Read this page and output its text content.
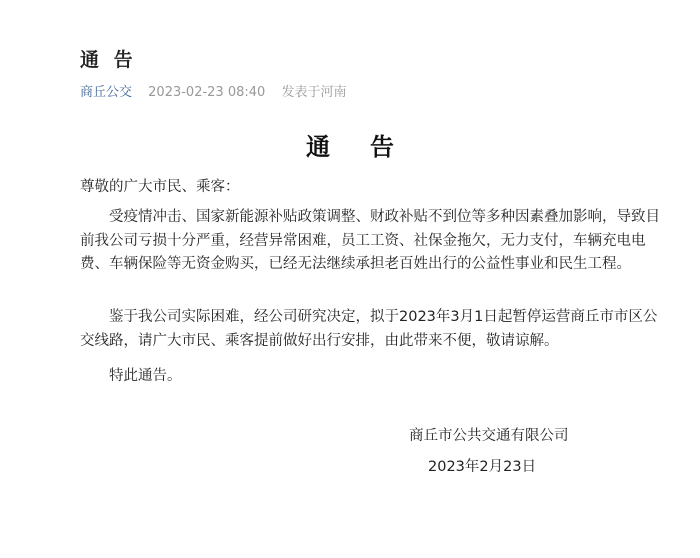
通 告
商丘公交 2023-02-23 08:40 发表于河南
通 告
尊敬的广大市民、乘客：
受疫情冲击、国家新能源补贴政策调整、财政补贴不到位等多种因素叠加影响，导致目前我公司亏损十分严重，经营异常困难，员工工资、社保金拖欠，无力支付，车辆充电电费、车辆保险等无资金购买，已经无法继续承担老百姓出行的公益性事业和民生工程。
鉴于我公司实际困难，经公司研究决定，拟于2023年3月1日起暂停运营商丘市市区公交线路，请广大市民、乘客提前做好出行安排，由此带来不便，敬请谅解。
特此通告。
商丘市公共交通有限公司
2023年2月23日
